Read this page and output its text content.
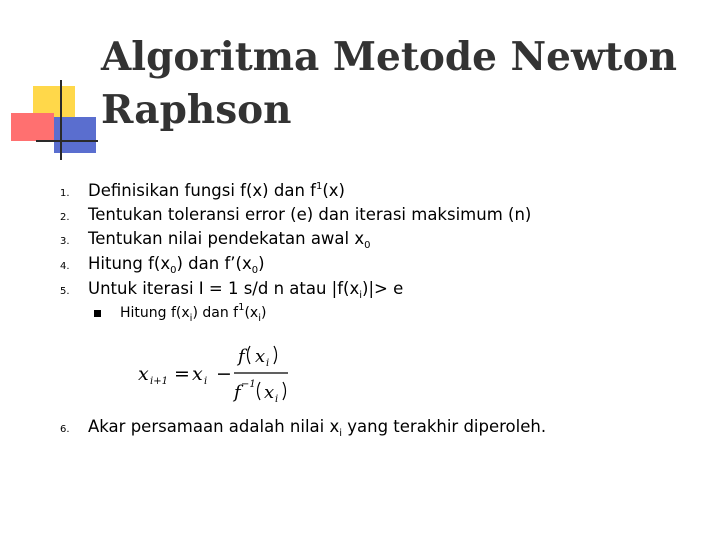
Algoritma Metode Newton
Raphson
1.	Definisikan fungsi f(x) dan $f^1(x)$
2.	Tentukan toleransi error (e) dan iterasi maksimum (n)
3.	Tentukan nilai pendekatan awal $x_0$
4.	Hitung $f(x_0)$ dan $f’(x_0)$
5.	Untuk iterasi I = 1 s/d n atau $|f(x_i)|> e$
Hitung $f(x_i)$ dan $f^1(x_i)$
x i+1 = x i −
f x i
f −1 x i
6.	Akar persamaan adalah nilai $x_i$ yang terakhir diperoleh.
